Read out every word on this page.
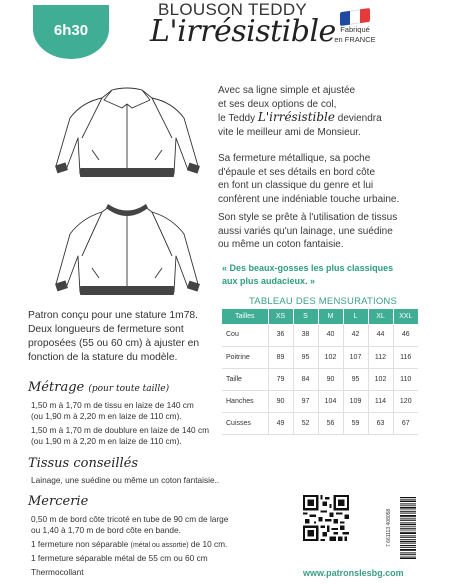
6h30
BLOUSON TEDDY
L'irrésistible Fabriqué
en FRANCE
Avec sa ligne simple et ajustée
et ses deux options de col,
le Teddy L'irrésistible deviendra
vite le meilleur ami de Monsieur.
Sa fermeture métallique, sa poche
d'épaule et ses détails en bord côte
en font un classique du genre et lui
confèrent une indéniable touche urbaine.
Son style se prête à l'utilisation de tissus
aussi variés qu'un lainage, une suédine
ou même un coton fantaisie.
« Des beaux-gosses les plus classiques
aux plus audacieux. »
Patron conçu pour une stature 1m78.
Deux longueurs de fermeture sont
proposées (55 ou 60 cm) à ajuster en
fonction de la stature du modèle.
TABLEAU DES MENSURATIONS
Tailles	XS	S	M	L	XL	XXL
Cou	36	38	40	42	44	46
Poitrine	89	95	102	107	112	116
Taille	79	84	90	95	102	110
Hanches	90	97	104	109	114	120
Cuisses	49	52	56	59	63	67
Métrage (pour toute taille)
1,50 m à 1,70 m de tissu en laize de 140 cm
(ou 1,90 m à 2,20 m en laize de 110 cm).
1,50 m à 1,70 m de doublure en laize de 140 cm
(ou 1,90 m à 2,20 m en laize de 110 cm).
Tissus conseillés
Lainage, une suédine ou même un coton fantaisie..
Mercerie
0,50 m de bord côte tricoté en tube de 90 cm de large
ou 1,40 à 1,70 m de bord côte en bande.
1 fermeture non séparable (métal ou assortie) de 10 cm.
1 fermeture séparable métal de 55 cm ou 60 cm
Thermocollant
7 661113 408058
www.patronslesbg.com
